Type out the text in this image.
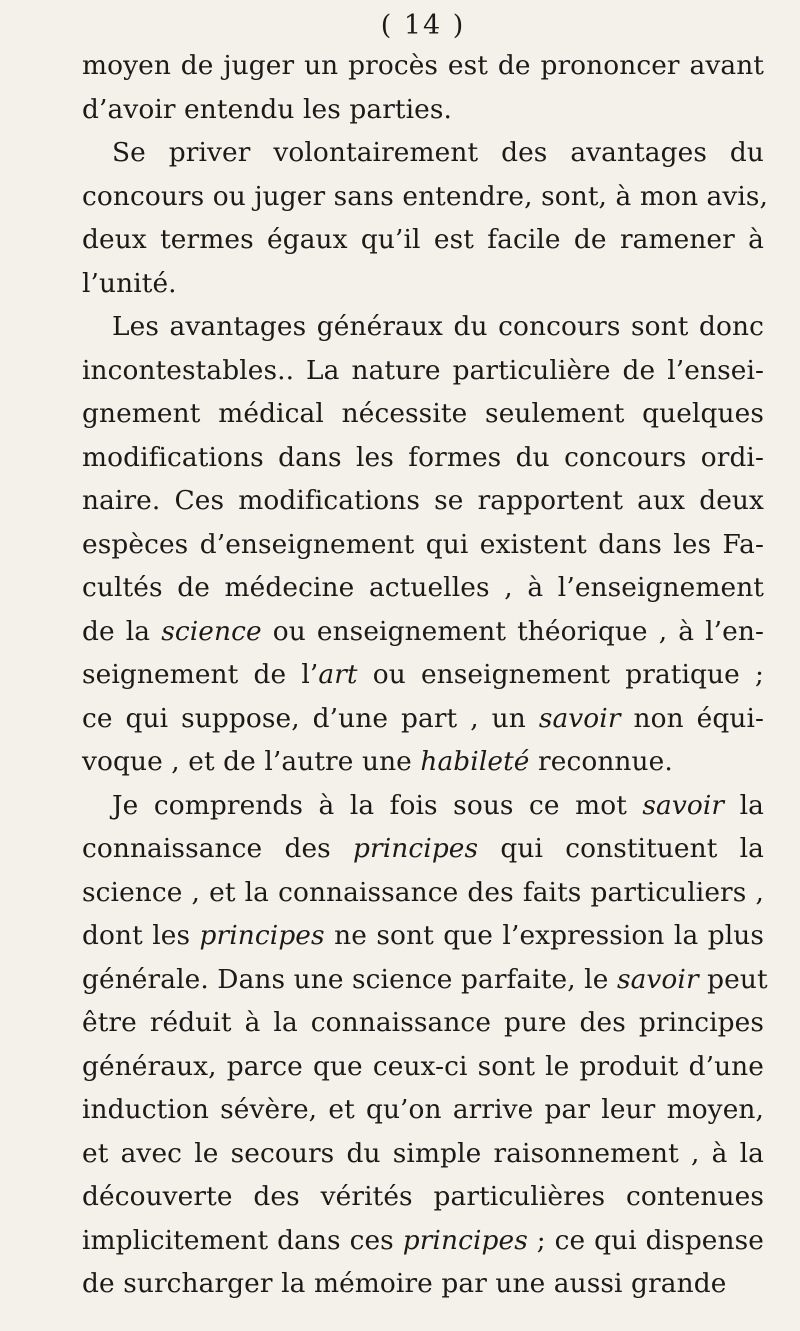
( 14 )
moyen de juger un procès est de prononcer avant
d’avoir entendu les parties.
Se priver volontairement des avantages du
concours ou juger sans entendre, sont, à mon avis,
deux termes égaux qu’il est facile de ramener à
l’unité.
Les avantages généraux du concours sont donc
incontestables.. La nature particulière de l’ensei-
gnement médical nécessite seulement quelques
modifications dans les formes du concours ordi-
naire. Ces modifications se rapportent aux deux
espèces d’enseignement qui existent dans les Fa-
cultés de médecine actuelles , à l’enseignement
de la science ou enseignement théorique , à l’en-
seignement de l’art ou enseignement pratique ;
ce qui suppose, d’une part , un savoir non équi-
voque , et de l’autre une habileté reconnue.
Je comprends à la fois sous ce mot savoir la
connaissance des principes qui constituent la
science , et la connaissance des faits particuliers ,
dont les principes ne sont que l’expression la plus
générale. Dans une science parfaite, le savoir peut
être réduit à la connaissance pure des principes
généraux, parce que ceux-ci sont le produit d’une
induction sévère, et qu’on arrive par leur moyen,
et avec le secours du simple raisonnement , à la
découverte des vérités particulières contenues
implicitement dans ces principes ; ce qui dispense
de surcharger la mémoire par une aussi grande
